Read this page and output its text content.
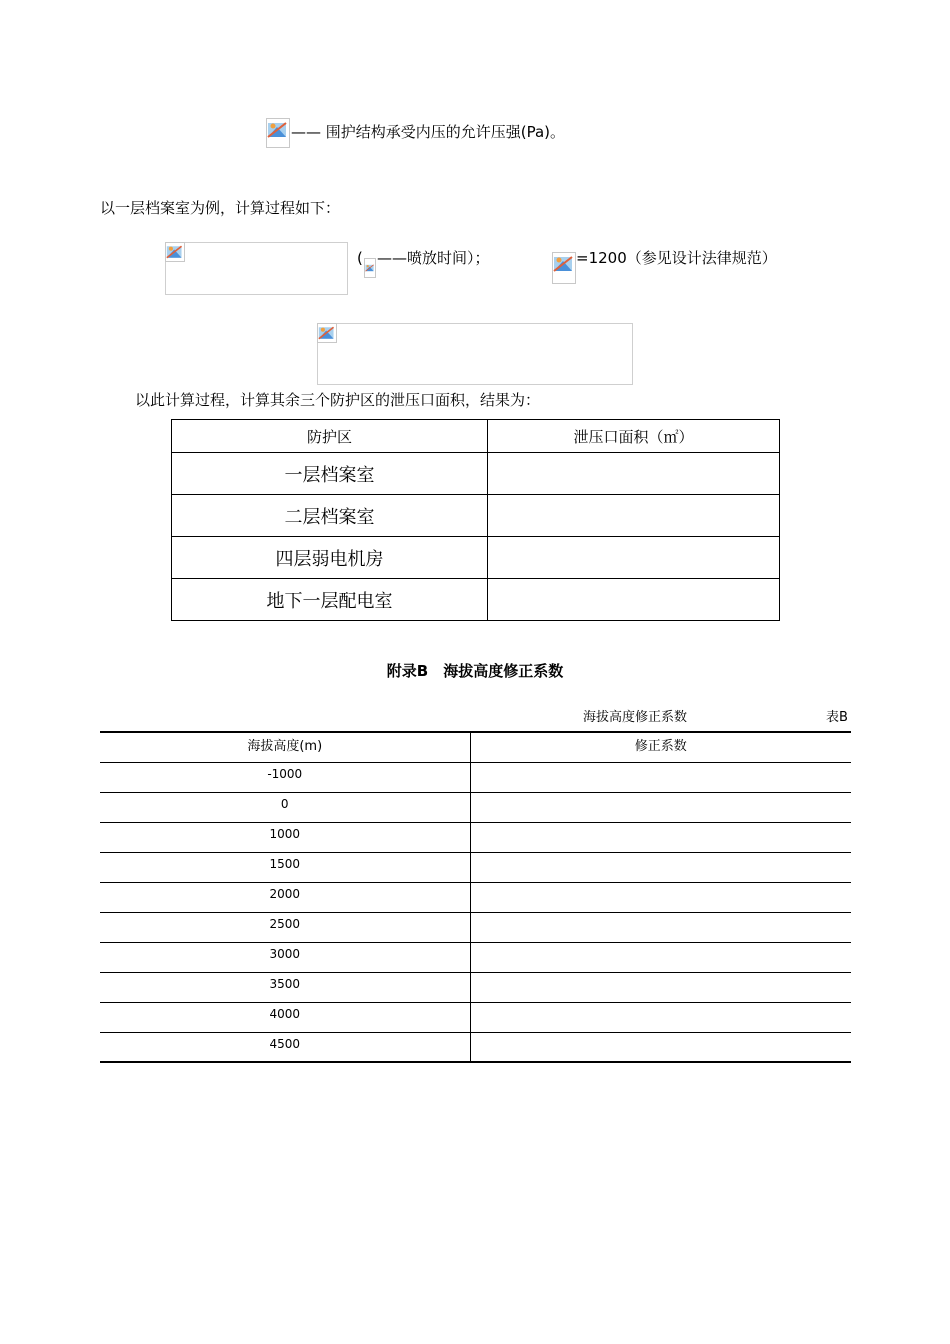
—— 围护结构承受内压的允许压强(Pa)。
以一层档案室为例，计算过程如下：
( ——喷放时间）；	=1200（参见设计法律规范）
以此计算过程，计算其余三个防护区的泄压口面积，结果为：
防护区	泄压口面积（㎡）
一层档案室	
二层档案室	
四层弱电机房	
地下一层配电室	
附录B　海拔高度修正系数
海拔高度修正系数	表B
海拔高度(m)	修正系数
-1000	
0	
1000	
1500	
2000	
2500	
3000	
3500	
4000	
4500	
